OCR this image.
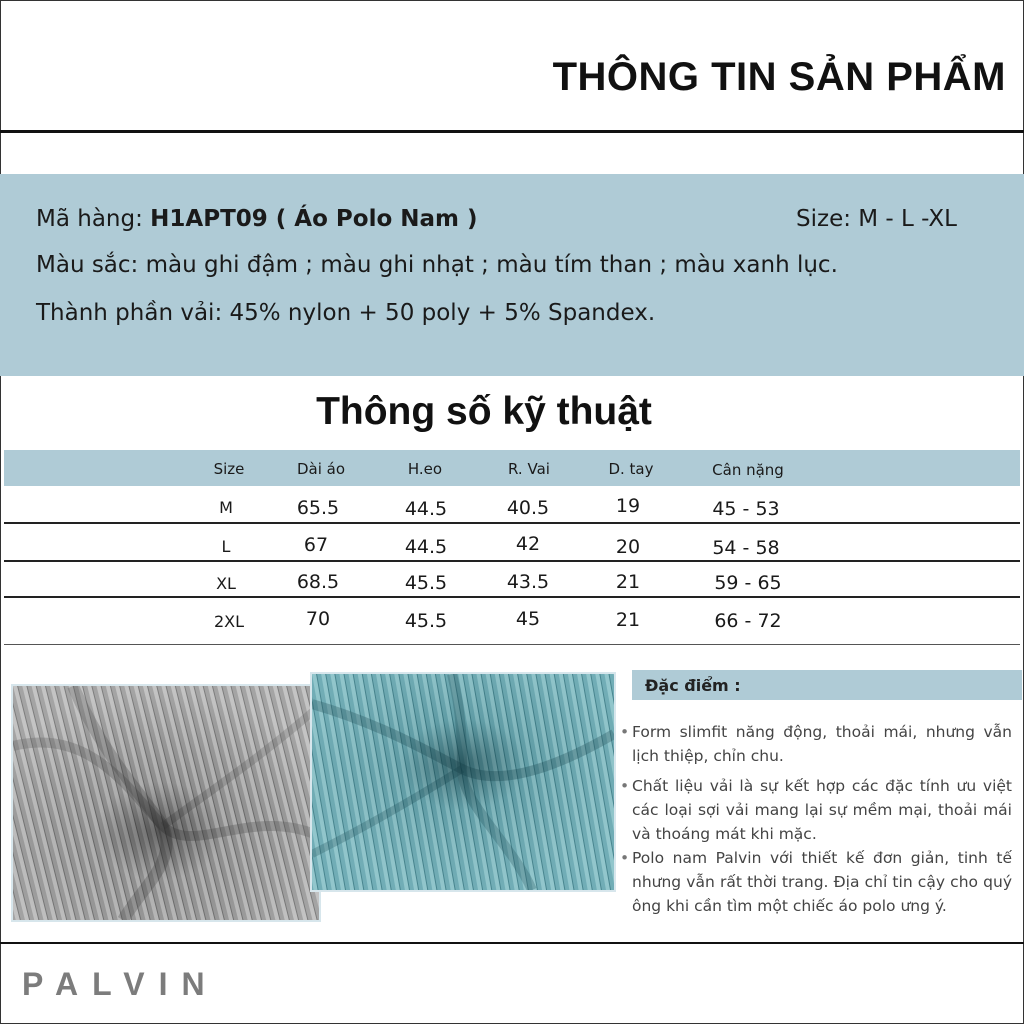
THÔNG TIN SẢN PHẨM
Mã hàng: H1APT09 ( Áo Polo Nam )
Màu sắc: màu ghi đậm ; màu ghi nhạt ; màu tím than ; màu xanh lục.
Thành phần vải: 45% nylon + 50 poly + 5% Spandex.
Size: M - L -XL
Thông số kỹ thuật
Size	Dài áo	H.eo	R. Vai	D. tay	Cân nặng
M	65.5	44.5	40.5	19	45 - 53
L	67	44.5	42	20	54 - 58
XL	68.5	45.5	43.5	21	59 - 65
2XL	70	45.5	45	21	66 - 72
Đặc điểm :
• Form slimfit năng động, thoải mái, nhưng vẫn lịch thiệp, chỉn chu.
• Chất liệu vải là sự kết hợp các đặc tính ưu việt các loại sợi vải mang lại sự mềm mại, thoải mái và thoáng mát khi mặc.
• Polo nam Palvin với thiết kế đơn giản, tinh tế nhưng vẫn rất thời trang. Địa chỉ tin cậy cho quý ông khi cần tìm một chiếc áo polo ưng ý.
PALVIN
